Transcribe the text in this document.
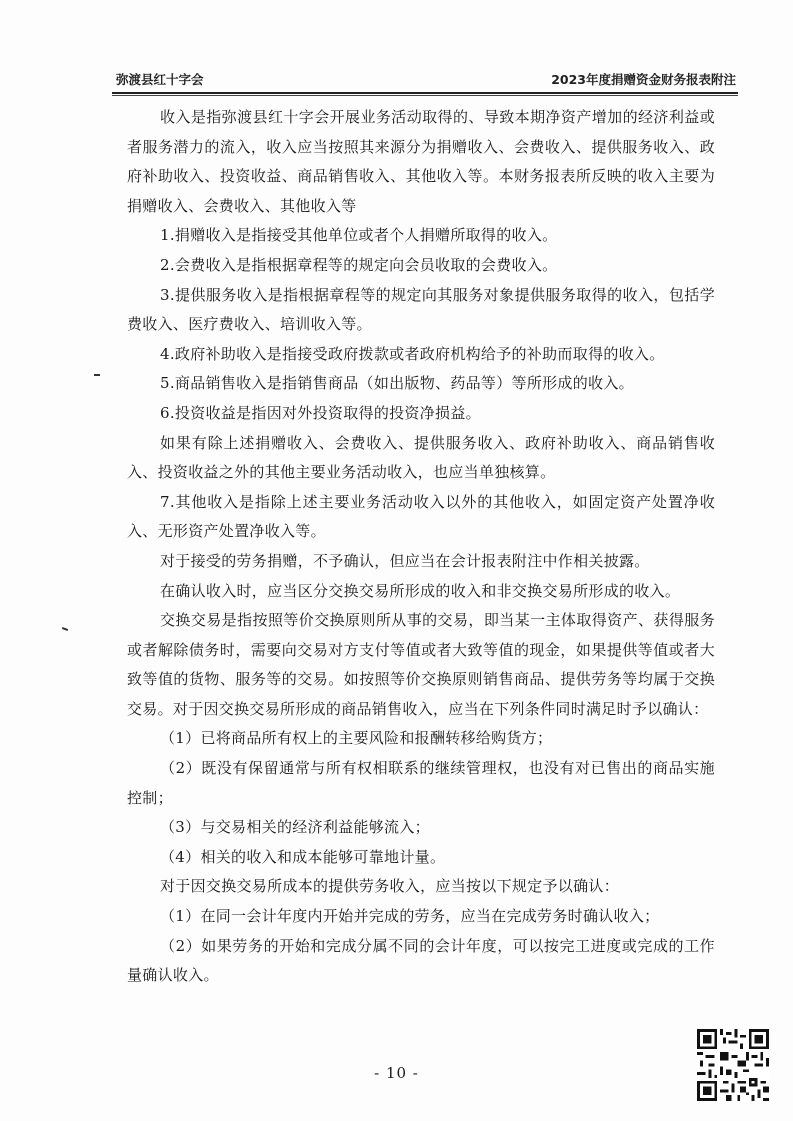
弥渡县红十字会	2023年度捐赠资金财务报表附注

收入是指弥渡县红十字会开展业务活动取得的、导致本期净资产增加的经济利益或者服务潜力的流入，收入应当按照其来源分为捐赠收入、会费收入、提供服务收入、政府补助收入、投资收益、商品销售收入、其他收入等。本财务报表所反映的收入主要为捐赠收入、会费收入、其他收入等

1.捐赠收入是指接受其他单位或者个人捐赠所取得的收入。

2.会费收入是指根据章程等的规定向会员收取的会费收入。

3.提供服务收入是指根据章程等的规定向其服务对象提供服务取得的收入，包括学费收入、医疗费收入、培训收入等。

4.政府补助收入是指接受政府拨款或者政府机构给予的补助而取得的收入。

5.商品销售收入是指销售商品（如出版物、药品等）等所形成的收入。

6.投资收益是指因对外投资取得的投资净损益。

如果有除上述捐赠收入、会费收入、提供服务收入、政府补助收入、商品销售收入、投资收益之外的其他主要业务活动收入，也应当单独核算。

7.其他收入是指除上述主要业务活动收入以外的其他收入，如固定资产处置净收入、无形资产处置净收入等。

对于接受的劳务捐赠，不予确认，但应当在会计报表附注中作相关披露。

在确认收入时，应当区分交换交易所形成的收入和非交换交易所形成的收入。

交换交易是指按照等价交换原则所从事的交易，即当某一主体取得资产、获得服务或者解除债务时，需要向交易对方支付等值或者大致等值的现金，如果提供等值或者大致等值的货物、服务等的交易。如按照等价交换原则销售商品、提供劳务等均属于交换交易。对于因交换交易所形成的商品销售收入，应当在下列条件同时满足时予以确认：

（1）已将商品所有权上的主要风险和报酬转移给购货方；

（2）既没有保留通常与所有权相联系的继续管理权，也没有对已售出的商品实施控制；

（3）与交易相关的经济利益能够流入；

（4）相关的收入和成本能够可靠地计量。

对于因交换交易所成本的提供劳务收入，应当按以下规定予以确认：

（1）在同一会计年度内开始并完成的劳务，应当在完成劳务时确认收入；

（2）如果劳务的开始和完成分属不同的会计年度，可以按完工进度或完成的工作量确认收入。

- 10 -
